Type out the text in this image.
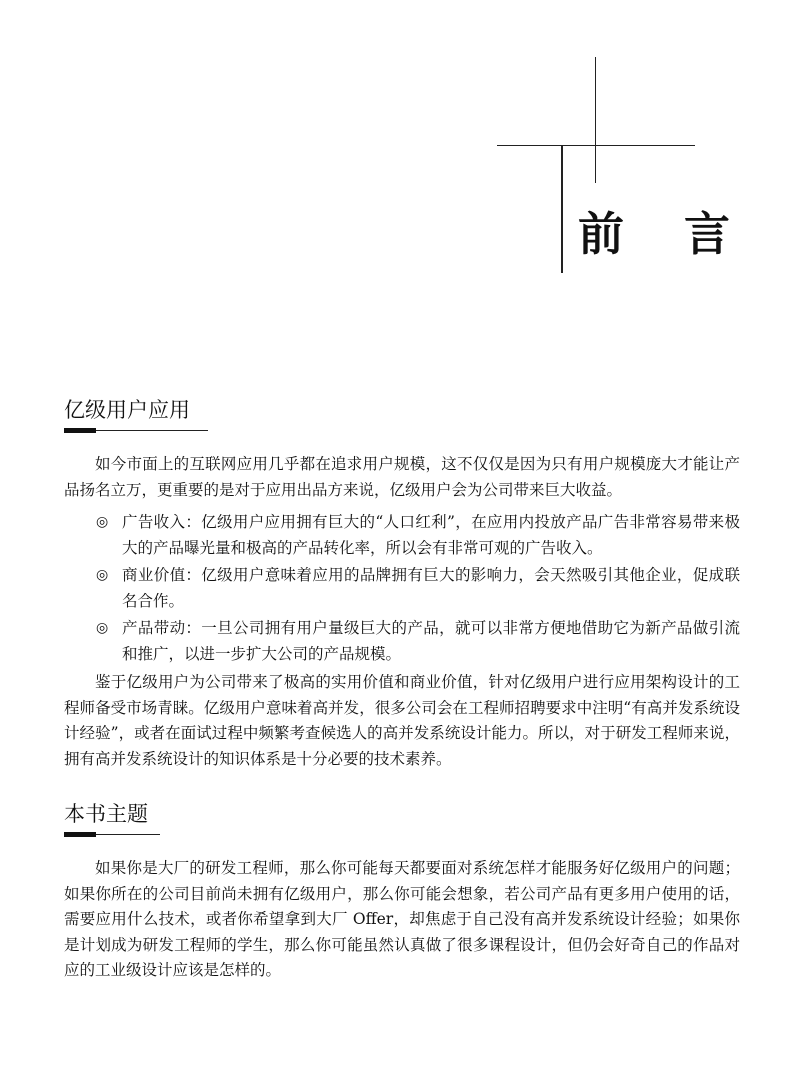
前 言
亿级用户应用

如今市面上的互联网应用几乎都在追求用户规模，这不仅仅是因为只有用户规模庞大才能让产品扬名立万，更重要的是对于应用出品方来说，亿级用户会为公司带来巨大收益。

◎ 广告收入：亿级用户应用拥有巨大的“人口红利”，在应用内投放产品广告非常容易带来极大的产品曝光量和极高的产品转化率，所以会有非常可观的广告收入。
◎ 商业价值：亿级用户意味着应用的品牌拥有巨大的影响力，会天然吸引其他企业，促成联名合作。
◎ 产品带动：一旦公司拥有用户量级巨大的产品，就可以非常方便地借助它为新产品做引流和推广，以进一步扩大公司的产品规模。

鉴于亿级用户为公司带来了极高的实用价值和商业价值，针对亿级用户进行应用架构设计的工程师备受市场青睐。亿级用户意味着高并发，很多公司会在工程师招聘要求中注明“有高并发系统设计经验”，或者在面试过程中频繁考查候选人的高并发系统设计能力。所以，对于研发工程师来说，拥有高并发系统设计的知识体系是十分必要的技术素养。

本书主题

如果你是大厂的研发工程师，那么你可能每天都要面对系统怎样才能服务好亿级用户的问题；如果你所在的公司目前尚未拥有亿级用户，那么你可能会想象，若公司产品有更多用户使用的话，需要应用什么技术，或者你希望拿到大厂 Offer，却焦虑于自己没有高并发系统设计经验；如果你是计划成为研发工程师的学生，那么你可能虽然认真做了很多课程设计，但仍会好奇自己的作品对应的工业级设计应该是怎样的。
